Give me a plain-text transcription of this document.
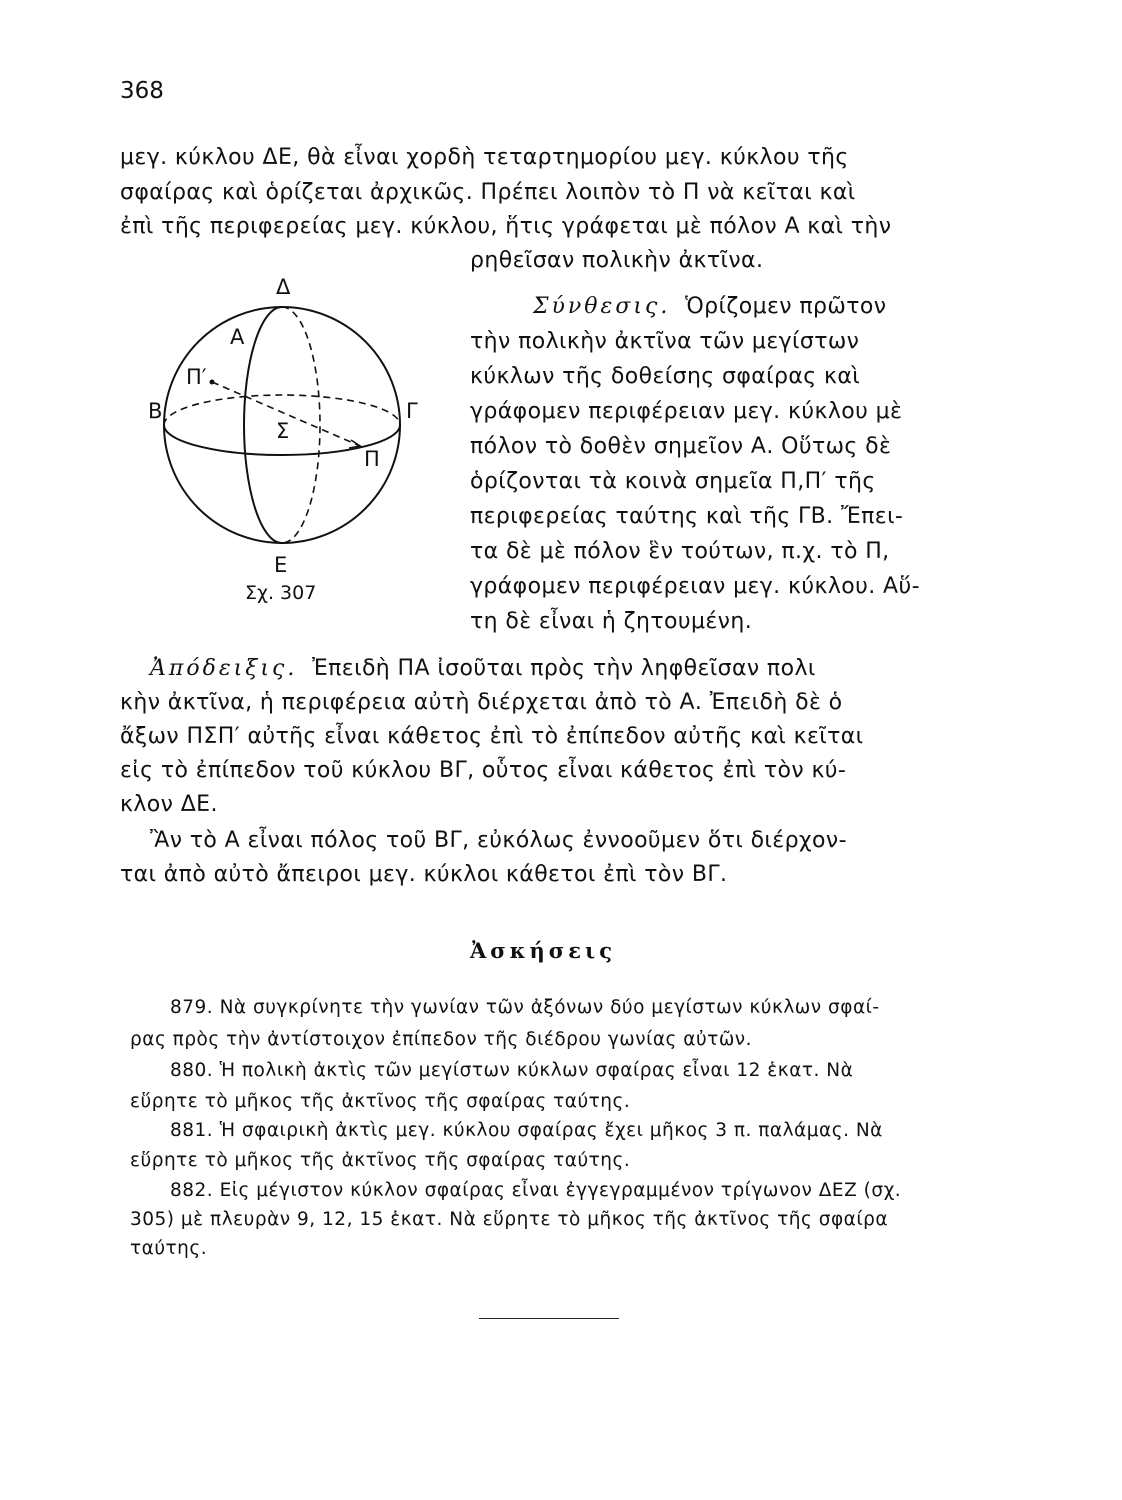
368
μεγ. κύκλου ΔΕ, θὰ εἶναι χορδὴ τεταρτημορίου μεγ. κύκλου τῆς
σφαίρας καὶ ὁρίζεται ἀρχικῶς. Πρέπει λοιπὸν τὸ Π νὰ κεῖται καὶ
ἐπὶ τῆς περιφερείας μεγ. κύκλου, ἥτις γράφεται μὲ πόλον Α καὶ τὴν
ρηθεῖσαν πολικὴν ἀκτῖνα.
Σύνθεσις. Ὁρίζομεν πρῶτον
τὴν πολικὴν ἀκτῖνα τῶν μεγίστων
κύκλων τῆς δοθείσης σφαίρας καὶ
γράφομεν περιφέρειαν μεγ. κύκλου μὲ
πόλον τὸ δοθὲν σημεῖον Α. Οὕτως δὲ
ὁρίζονται τὰ κοινὰ σημεῖα Π,Π′ τῆς
περιφερείας ταύτης καὶ τῆς ΓΒ. Ἔπει-
τα δὲ μὲ πόλον ἓν τούτων, π.χ. τὸ Π,
γράφομεν περιφέρειαν μεγ. κύκλου. Αὕ-
τη δὲ εἶναι ἡ ζητουμένη.
Δ
Α
Π′
Β	Γ
Σ
Π
Ε
Σχ. 307
Ἀπόδειξις. Ἐπειδὴ ΠΑ ἰσοῦται πρὸς τὴν ληφθεῖσαν πολι
κὴν ἀκτῖνα, ἡ περιφέρεια αὐτὴ διέρχεται ἀπὸ τὸ Α. Ἐπειδὴ δὲ ὁ
ἄξων ΠΣΠ′ αὐτῆς εἶναι κάθετος ἐπὶ τὸ ἐπίπεδον αὐτῆς καὶ κεῖται
εἰς τὸ ἐπίπεδον τοῦ κύκλου ΒΓ, οὗτος εἶναι κάθετος ἐπὶ τὸν κύ-
κλον ΔΕ.
Ἂν τὸ Α εἶναι πόλος τοῦ ΒΓ, εὐκόλως ἐννοοῦμεν ὅτι διέρχον-
ται ἀπὸ αὐτὸ ἄπειροι μεγ. κύκλοι κάθετοι ἐπὶ τὸν ΒΓ.
Ἀσκήσεις
879. Νὰ συγκρίνητε τὴν γωνίαν τῶν ἀξόνων δύο μεγίστων κύκλων σφαί-
ρας πρὸς τὴν ἀντίστοιχον ἐπίπεδον τῆς διέδρου γωνίας αὐτῶν.
880. Ἡ πολικὴ ἀκτὶς τῶν μεγίστων κύκλων σφαίρας εἶναι 12 ἑκατ. Νὰ
εὕρητε τὸ μῆκος τῆς ἀκτῖνος τῆς σφαίρας ταύτης.
881. Ἡ σφαιρικὴ ἀκτὶς μεγ. κύκλου σφαίρας ἔχει μῆκος 3 π. παλάμας. Νὰ
εὕρητε τὸ μῆκος τῆς ἀκτῖνος τῆς σφαίρας ταύτης.
882. Εἰς μέγιστον κύκλον σφαίρας εἶναι ἐγγεγραμμένον τρίγωνον ΔΕΖ (σχ.
305) μὲ πλευρὰν 9, 12, 15 ἑκατ. Νὰ εὕρητε τὸ μῆκος τῆς ἀκτῖνος τῆς σφαίρα
ταύτης.
